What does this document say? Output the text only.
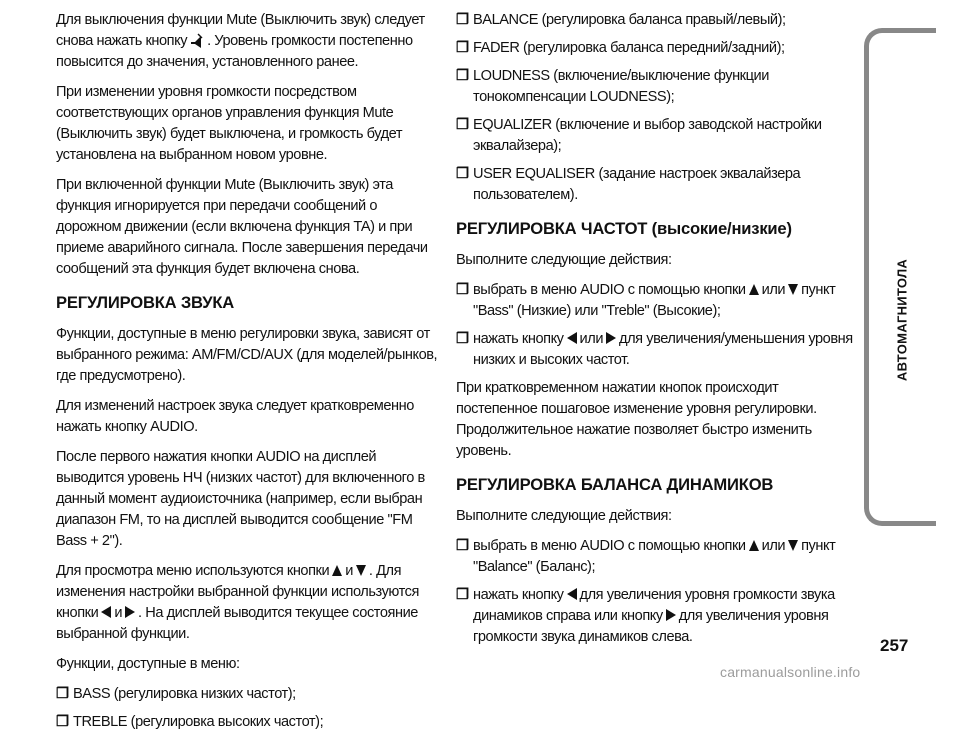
Для выключения функции Mute (Выключить звук) следует снова нажать кнопку . Уровень громкости постепенно повысится до значения, установленного ранее.

При изменении уровня громкости посредством соответствующих органов управления функция Mute (Выключить звук) будет выключена, и громкость будет установлена на выбранном новом уровне.

При включенной функции Mute (Выключить звук) эта функция игнорируется при передачи сообщений о дорожном движении (если включена функция TA) и при приеме аварийного сигнала. После завершения передачи сообщений эта функция будет включена снова.

РЕГУЛИРОВКА ЗВУКА

Функции, доступные в меню регулировки звука, зависят от выбранного режима: AM/FM/CD/AUX (для моделей/рынков, где предусмотрено).

Для изменений настроек звука следует кратковременно нажать кнопку AUDIO.

После первого нажатия кнопки AUDIO на дисплей выводится уровень НЧ (низких частот) для включенного в данный момент аудиоисточника (например, если выбран диапазон FM, то на дисплей выводится сообщение "FM Bass + 2").

Для просмотра меню используются кнопки и . Для изменения настройки выбранной функции используются кнопки и . На дисплей выводится текущее состояние выбранной функции.

Функции, доступные в меню:

❒ BASS (регулировка низких частот);
❒ TREBLE (регулировка высоких частот);
❒ BALANCE (регулировка баланса правый/левый);
❒ FADER (регулировка баланса передний/задний);
❒ LOUDNESS (включение/выключение функции тонокомпенсации LOUDNESS);
❒ EQUALIZER (включение и выбор заводской настройки эквалайзера);
❒ USER EQUALISER (задание настроек эквалайзера пользователем).
РЕГУЛИРОВКА ЧАСТОТ (высокие/низкие)

Выполните следующие действия:

❒ выбрать в меню AUDIO с помощью кнопки или пункт "Bass" (Низкие) или "Treble" (Высокие);
❒ нажать кнопку или для увеличения/уменьшения уровня низких и высоких частот.

При кратковременном нажатии кнопок происходит постепенное пошаговое изменение уровня регулировки. Продолжительное нажатие позволяет быстро изменить уровень.

РЕГУЛИРОВКА БАЛАНСА ДИНАМИКОВ

Выполните следующие действия:

❒ выбрать в меню AUDIO с помощью кнопки или пункт "Balance" (Баланс);
❒ нажать кнопку для увеличения уровня громкости звука динамиков справа или кнопку для увеличения уровня громкости звука динамиков слева.
АВТОМАГНИТОЛА
257
carmanualsonline.info
